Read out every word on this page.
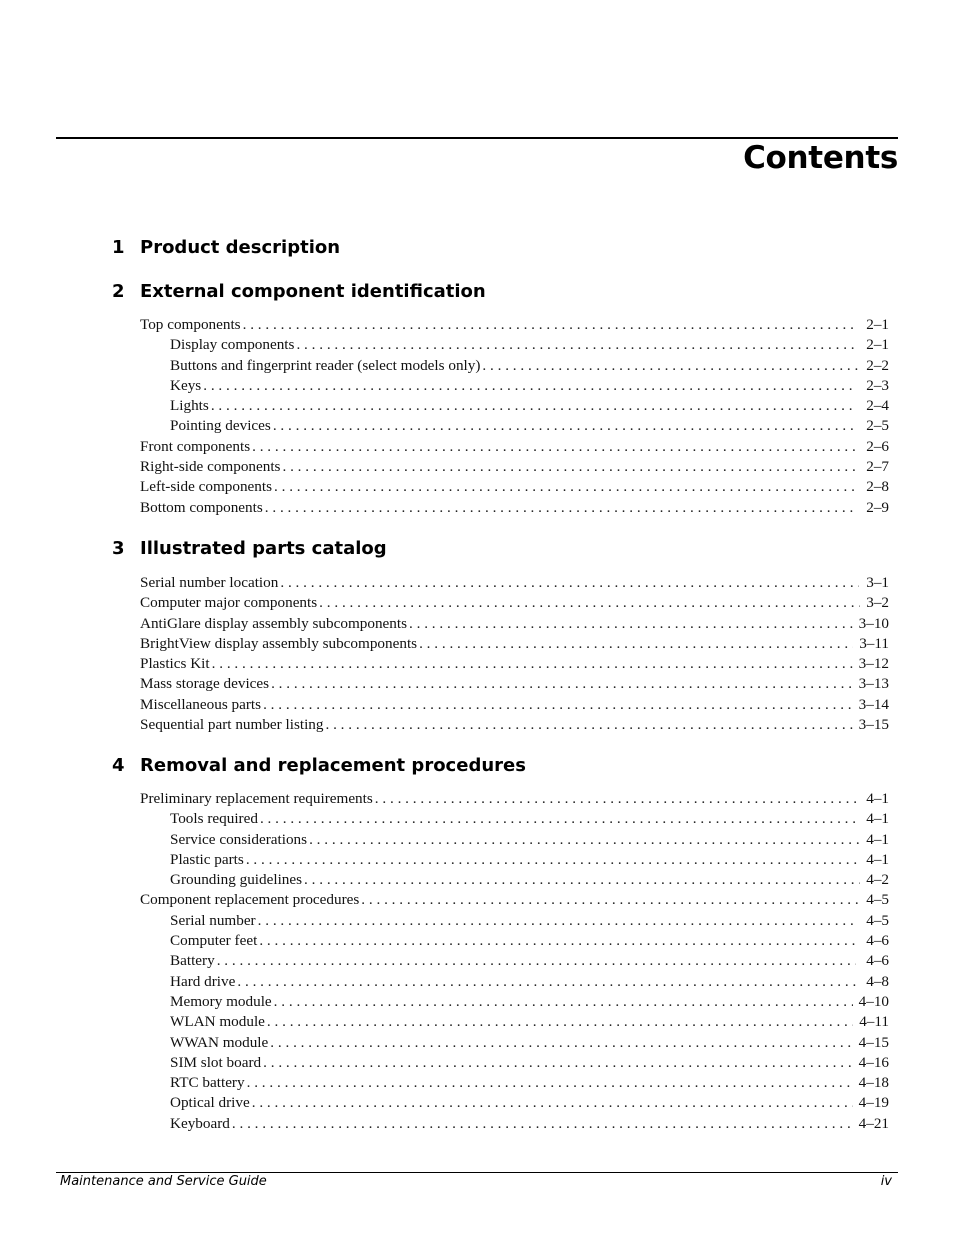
Contents
1 Product description
2 External component identification
Top components . . .	2–1
Display components . . .	2–1
Buttons and fingerprint reader (select models only) . . .	2–2
Keys . . .	2–3
Lights . . .	2–4
Pointing devices . . .	2–5
Front components . . .	2–6
Right-side components . . .	2–7
Left-side components . . .	2–8
Bottom components . . .	2–9
3 Illustrated parts catalog
Serial number location . . .	3–1
Computer major components . . .	3–2
AntiGlare display assembly subcomponents . . .	3–10
BrightView display assembly subcomponents . . .	3–11
Plastics Kit . . .	3–12
Mass storage devices . . .	3–13
Miscellaneous parts . . .	3–14
Sequential part number listing . . .	3–15
4 Removal and replacement procedures
Preliminary replacement requirements . . .	4–1
Tools required . . .	4–1
Service considerations . . .	4–1
Plastic parts . . .	4–1
Grounding guidelines . . .	4–2
Component replacement procedures . . .	4–5
Serial number . . .	4–5
Computer feet . . .	4–6
Battery . . .	4–6
Hard drive . . .	4–8
Memory module . . .	4–10
WLAN module . . .	4–11
WWAN module . . .	4–15
SIM slot board . . .	4–16
RTC battery . . .	4–18
Optical drive . . .	4–19
Keyboard . . .	4–21
Maintenance and Service Guide	iv
